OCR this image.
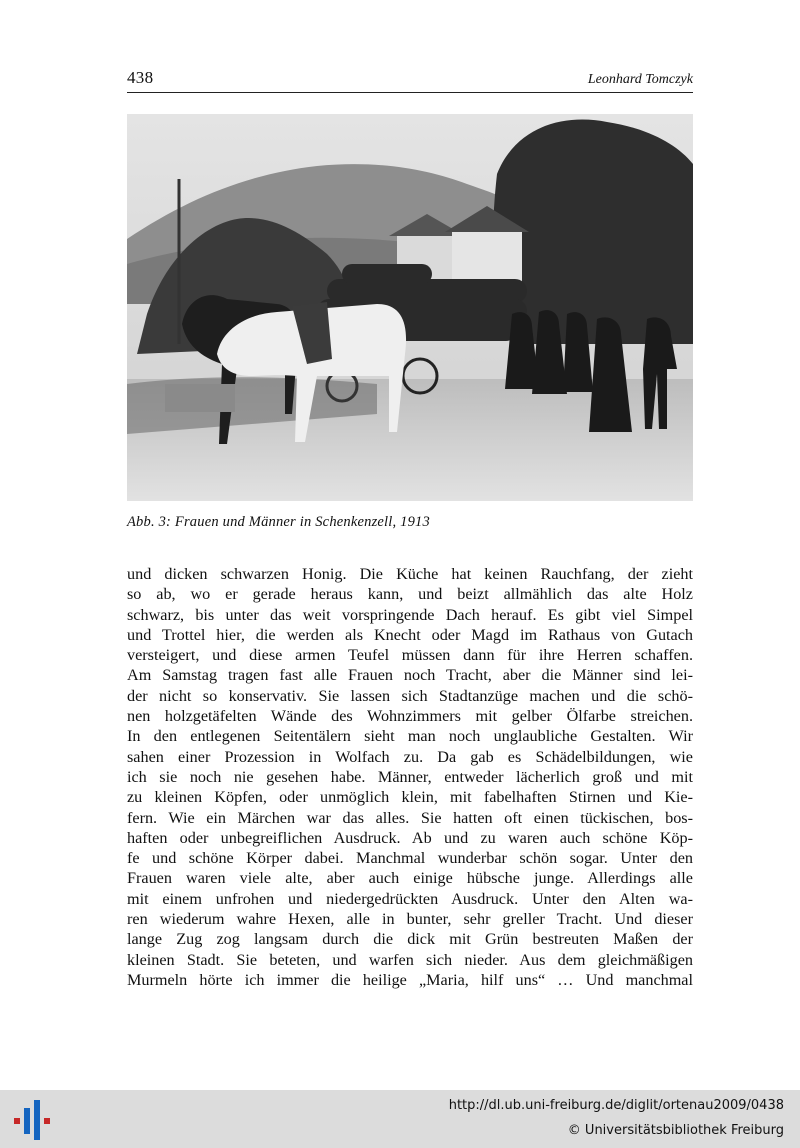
438	Leonhard Tomczyk
Abb. 3: Frauen und Männer in Schenkenzell, 1913
und dicken schwarzen Honig. Die Küche hat keinen Rauchfang, der zieht
so ab, wo er gerade heraus kann, und beizt allmählich das alte Holz
schwarz, bis unter das weit vorspringende Dach herauf. Es gibt viel Simpel
und Trottel hier, die werden als Knecht oder Magd im Rathaus von Gutach
versteigert, und diese armen Teufel müssen dann für ihre Herren schaffen.
Am Samstag tragen fast alle Frauen noch Tracht, aber die Männer sind lei-
der nicht so konservativ. Sie lassen sich Stadtanzüge machen und die schö-
nen holzgetäfelten Wände des Wohnzimmers mit gelber Ölfarbe streichen.
In den entlegenen Seitentälern sieht man noch unglaubliche Gestalten. Wir
sahen einer Prozession in Wolfach zu. Da gab es Schädelbildungen, wie
ich sie noch nie gesehen habe. Männer, entweder lächerlich groß und mit
zu kleinen Köpfen, oder unmöglich klein, mit fabelhaften Stirnen und Kie-
fern. Wie ein Märchen war das alles. Sie hatten oft einen tückischen, bos-
haften oder unbegreiflichen Ausdruck. Ab und zu waren auch schöne Köp-
fe und schöne Körper dabei. Manchmal wunderbar schön sogar. Unter den
Frauen waren viele alte, aber auch einige hübsche junge. Allerdings alle
mit einem unfrohen und niedergedrückten Ausdruck. Unter den Alten wa-
ren wiederum wahre Hexen, alle in bunter, sehr greller Tracht. Und dieser
lange Zug zog langsam durch die dick mit Grün bestreuten Maßen der
kleinen Stadt. Sie beteten, und warfen sich nieder. Aus dem gleichmäßigen
Murmeln hörte ich immer die heilige „Maria, hilf uns“ … Und manchmal
http://dl.ub.uni-freiburg.de/diglit/ortenau2009/0438
© Universitätsbibliothek Freiburg
